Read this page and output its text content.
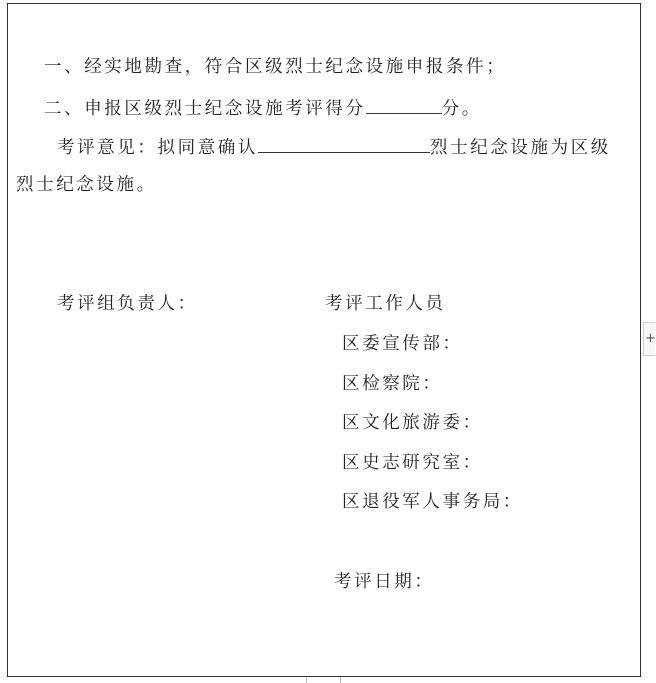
一、经实地勘查，符合区级烈士纪念设施申报条件；
二、申报区级烈士纪念设施考评得分	分。
考评意见：拟同意确认	烈士纪念设施为区级
烈士纪念设施。
考评组负责人：	考评工作人员
区委宣传部：
区检察院：
区文化旅游委：
区史志研究室：
区退役军人事务局：
考评日期：
+
